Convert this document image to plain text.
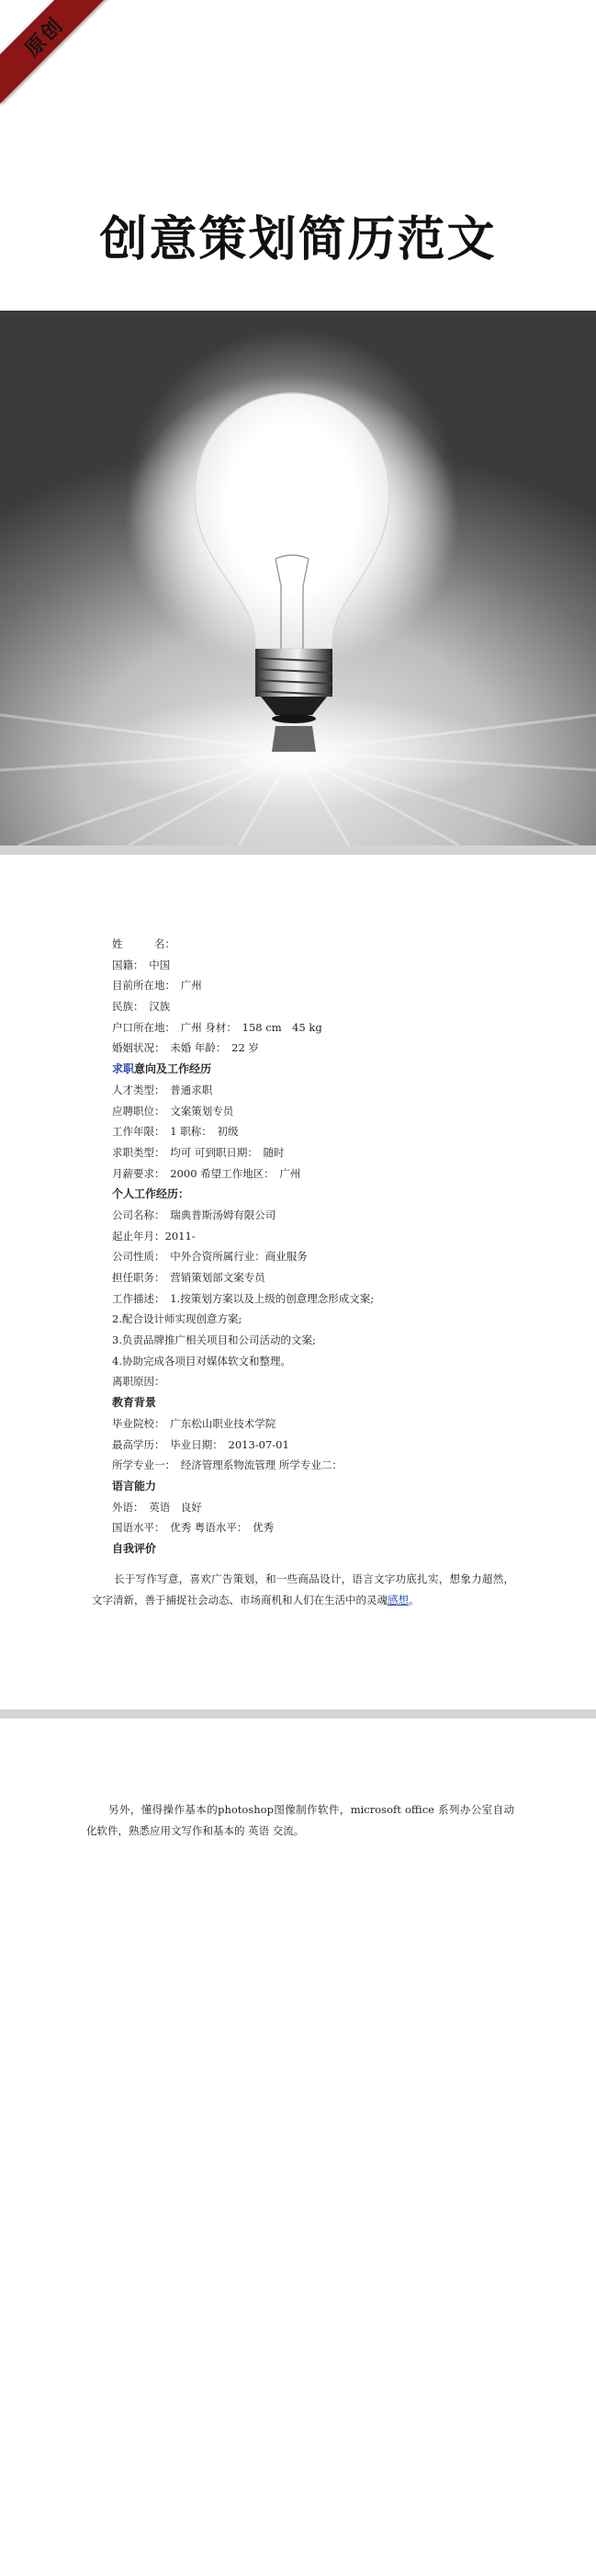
原创
创意策划简历范文
姓　　　名：
国籍：　中国
目前所在地：　广州
民族：　汉族
户口所在地：　广州 身材：　158 cm　45 kg
婚姻状况：　未婚 年龄：　22 岁
求职意向及工作经历
人才类型：　普通求职
应聘职位：　文案策划专员
工作年限：　1 职称：　初级
求职类型：　均可 可到职日期：　随时
月薪要求：　2000 希望工作地区：　广州
个人工作经历：
公司名称：　瑞典普斯汤姆有限公司
起止年月：2011-
公司性质：　中外合资所属行业：商业服务
担任职务：　营销策划部文案专员
工作描述：　1.按策划方案以及上级的创意理念形成文案;
2.配合设计师实现创意方案;
3.负责品牌推广相关项目和公司活动的文案;
4.协助完成各项目对媒体软文和整理。
离职原因：
教育背景
毕业院校：　广东松山职业技术学院
最高学历：　毕业日期：　2013-07-01
所学专业一：　经济管理系物流管理 所学专业二：
语言能力
外语：　英语　良好
国语水平：　优秀 粤语水平：　优秀
自我评价
长于写作写意，喜欢广告策划，和一些商品设计，语言文字功底扎实，想象力超然，文字清新，善于捕捉社会动态、市场商机和人们在生活中的灵魂感想。
另外，懂得操作基本的photoshop图像制作软件，microsoft office 系列办公室自动化软件，熟悉应用文写作和基本的 英语 交流。
